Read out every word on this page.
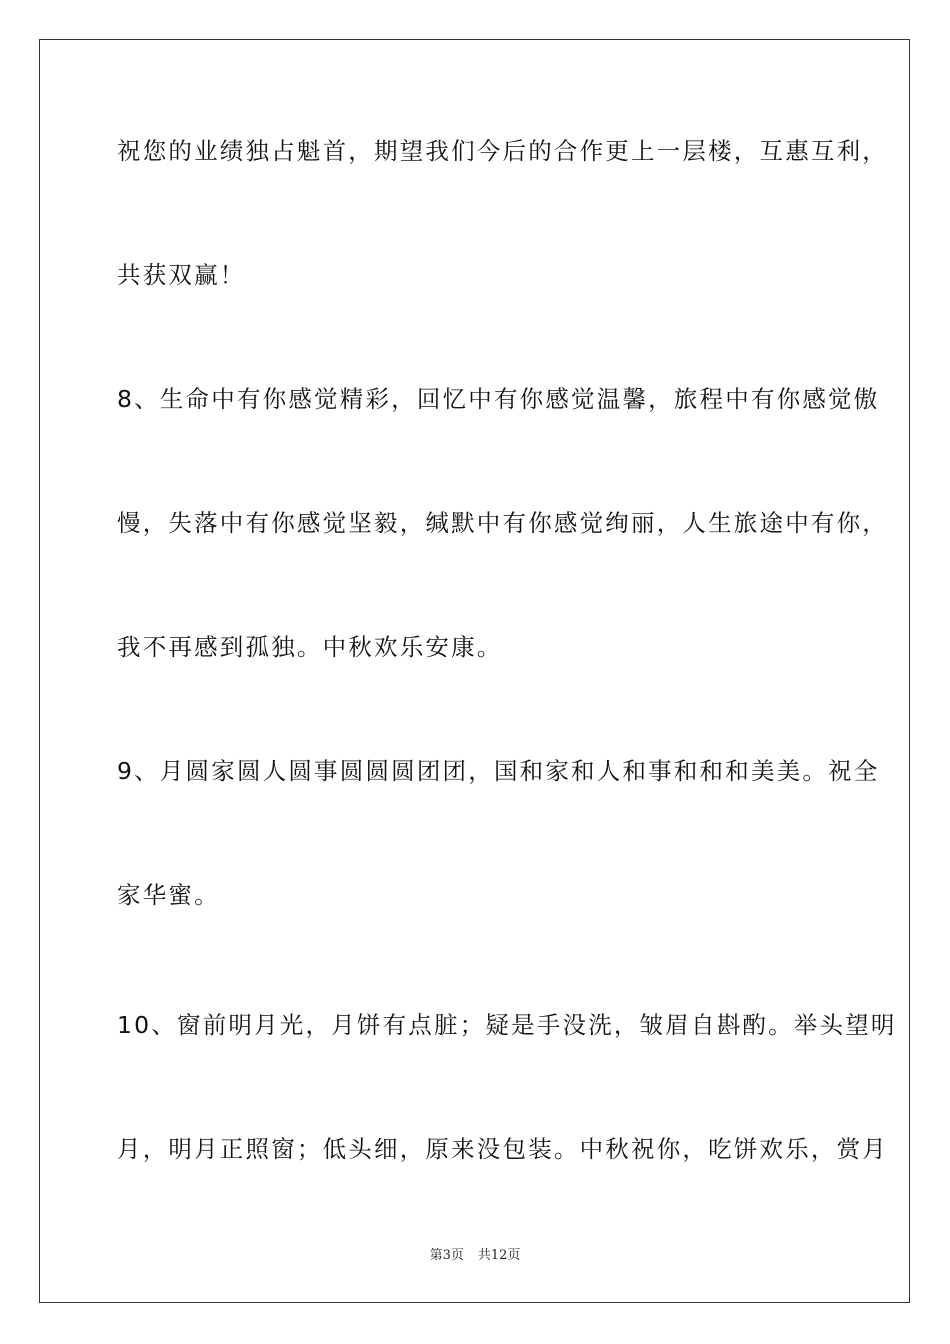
祝您的业绩独占魁首，期望我们今后的合作更上一层楼，互惠互利，
共获双赢！
8、生命中有你感觉精彩，回忆中有你感觉温馨，旅程中有你感觉傲
慢，失落中有你感觉坚毅，缄默中有你感觉绚丽，人生旅途中有你，
我不再感到孤独。中秋欢乐安康。
9、月圆家圆人圆事圆圆圆团团，国和家和人和事和和和美美。祝全
家华蜜。
10、窗前明月光，月饼有点脏；疑是手没洗，皱眉自斟酌。举头望明
月，明月正照窗；低头细，原来没包装。中秋祝你，吃饼欢乐，赏月
第3页 共12页
